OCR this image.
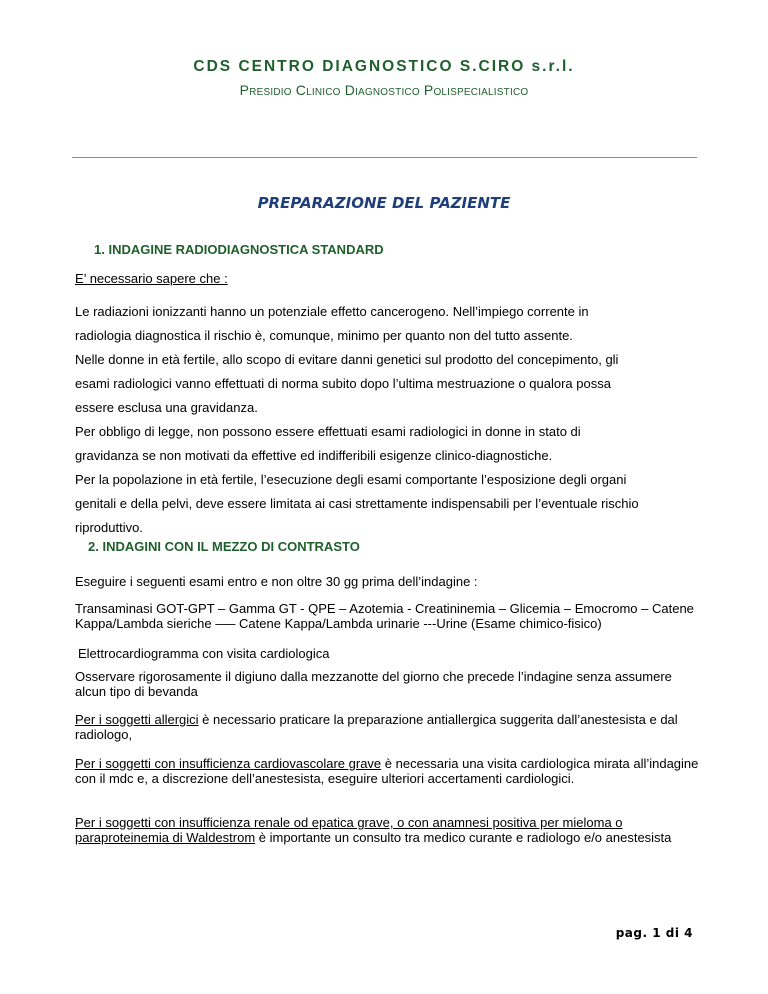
CDS CENTRO DIAGNOSTICO S.CIRO s.r.l.
Presidio Clinico Diagnostico Polispecialistico
PREPARAZIONE DEL PAZIENTE
1. INDAGINE RADIODIAGNOSTICA STANDARD

E’ necessario sapere che :

Le radiazioni ionizzanti hanno un potenziale effetto cancerogeno. Nell’impiego corrente in
radiologia diagnostica il rischio è, comunque, minimo per quanto non del tutto assente.
Nelle donne in età fertile, allo scopo di evitare danni genetici sul prodotto del concepimento, gli
esami radiologici vanno effettuati di norma subito dopo l’ultima mestruazione o qualora possa
essere esclusa una gravidanza.
Per obbligo di legge, non possono essere effettuati esami radiologici in donne in stato di
gravidanza se non motivati da effettive ed indifferibili esigenze clinico-diagnostiche.
Per la popolazione in età fertile, l’esecuzione degli esami comportante l’esposizione degli organi
genitali e della pelvi, deve essere limitata ai casi strettamente indispensabili per l’eventuale rischio
riproduttivo.
2. INDAGINI CON IL MEZZO DI CONTRASTO

Eseguire i seguenti esami entro e non oltre 30 gg prima dell’indagine :

Transaminasi GOT-GPT – Gamma GT - QPE – Azotemia - Creatininemia – Glicemia – Emocromo – Catene Kappa/Lambda sieriche –— Catene Kappa/Lambda urinarie ---Urine (Esame chimico-fisico)

Elettrocardiogramma con visita cardiologica

Osservare rigorosamente il digiuno dalla mezzanotte del giorno che precede l’indagine senza assumere alcun tipo di bevanda

Per i soggetti allergici è necessario praticare la preparazione antiallergica suggerita dall’anestesista e dal radiologo,

Per i soggetti con insufficienza cardiovascolare grave è necessaria una visita cardiologica mirata all’indagine con il mdc e, a discrezione dell’anestesista, eseguire ulteriori accertamenti cardiologici.

Per i soggetti con insufficienza renale od epatica grave, o con anamnesi positiva per mieloma o paraproteinemia di Waldestrom è importante un consulto tra medico curante e radiologo e/o anestesista

pag. 1 di 4
